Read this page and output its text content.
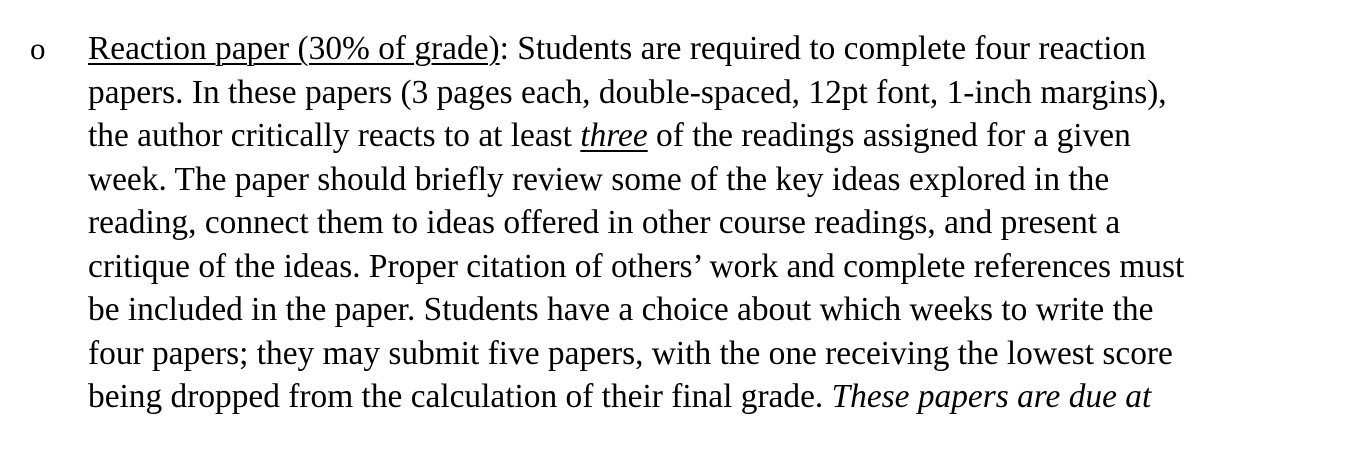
o Reaction paper (30% of grade): Students are required to complete four reaction
papers. In these papers (3 pages each, double-spaced, 12pt font, 1-inch margins),
the author critically reacts to at least three of the readings assigned for a given
week. The paper should briefly review some of the key ideas explored in the
reading, connect them to ideas offered in other course readings, and present a
critique of the ideas. Proper citation of others’ work and complete references must
be included in the paper. Students have a choice about which weeks to write the
four papers; they may submit five papers, with the one receiving the lowest score
being dropped from the calculation of their final grade. These papers are due at
